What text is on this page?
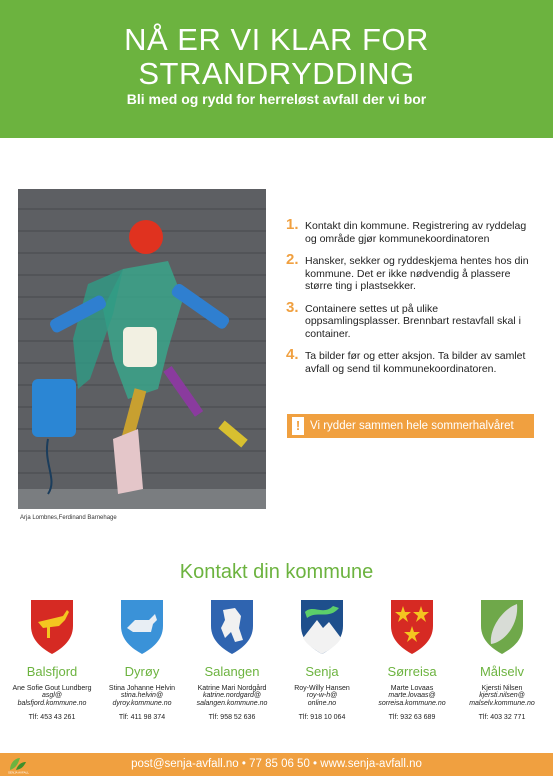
NÅ ER VI KLAR FOR
STRANDRYDDING
Bli med og rydd for herreløst avfall der vi bor
Arja Lombnes,Ferdinand Barnehage
1. Kontakt din kommune. Registrering av ryddelag og område gjør kommunekoordinatoren
2. Hansker, sekker og ryddeskjema hentes hos din kommune. Det er ikke nødvendig å plassere større ting i plastsekker.
3. Containere settes ut på ulike oppsamlingsplasser. Brennbart restavfall skal i container.
4. Ta bilder før og etter aksjon. Ta bilder av samlet avfall og send til kommunekoordinatoren.
! Vi rydder sammen hele sommerhalvåret
Kontakt din kommune
Balsfjord
Ane Sofie Gout Lundberg
asgl@
balsfjord.kommune.no
Tlf: 453 43 261
Dyrøy
Stina Johanne Helvin
stina.helvin@
dyroy.kommune.no
Tlf: 411 98 374
Salangen
Katrine Mari Nordgård
katrine.nordgard@
salangen.kommune.no
Tlf: 958 52 636
Senja
Roy-Willy Hansen
roy-w-h@
online.no
Tlf: 918 10 064
Sørreisa
Marte Lovaas
marte.lovaas@
sorreisa.kommune.no
Tlf: 932 63 689
Målselv
Kjersti Nilsen
kjersti.nilsen@
malselv.kommune.no
Tlf: 403 32 771
SENJA AVFALL
post@senja-avfall.no • 77 85 06 50 • www.senja-avfall.no
